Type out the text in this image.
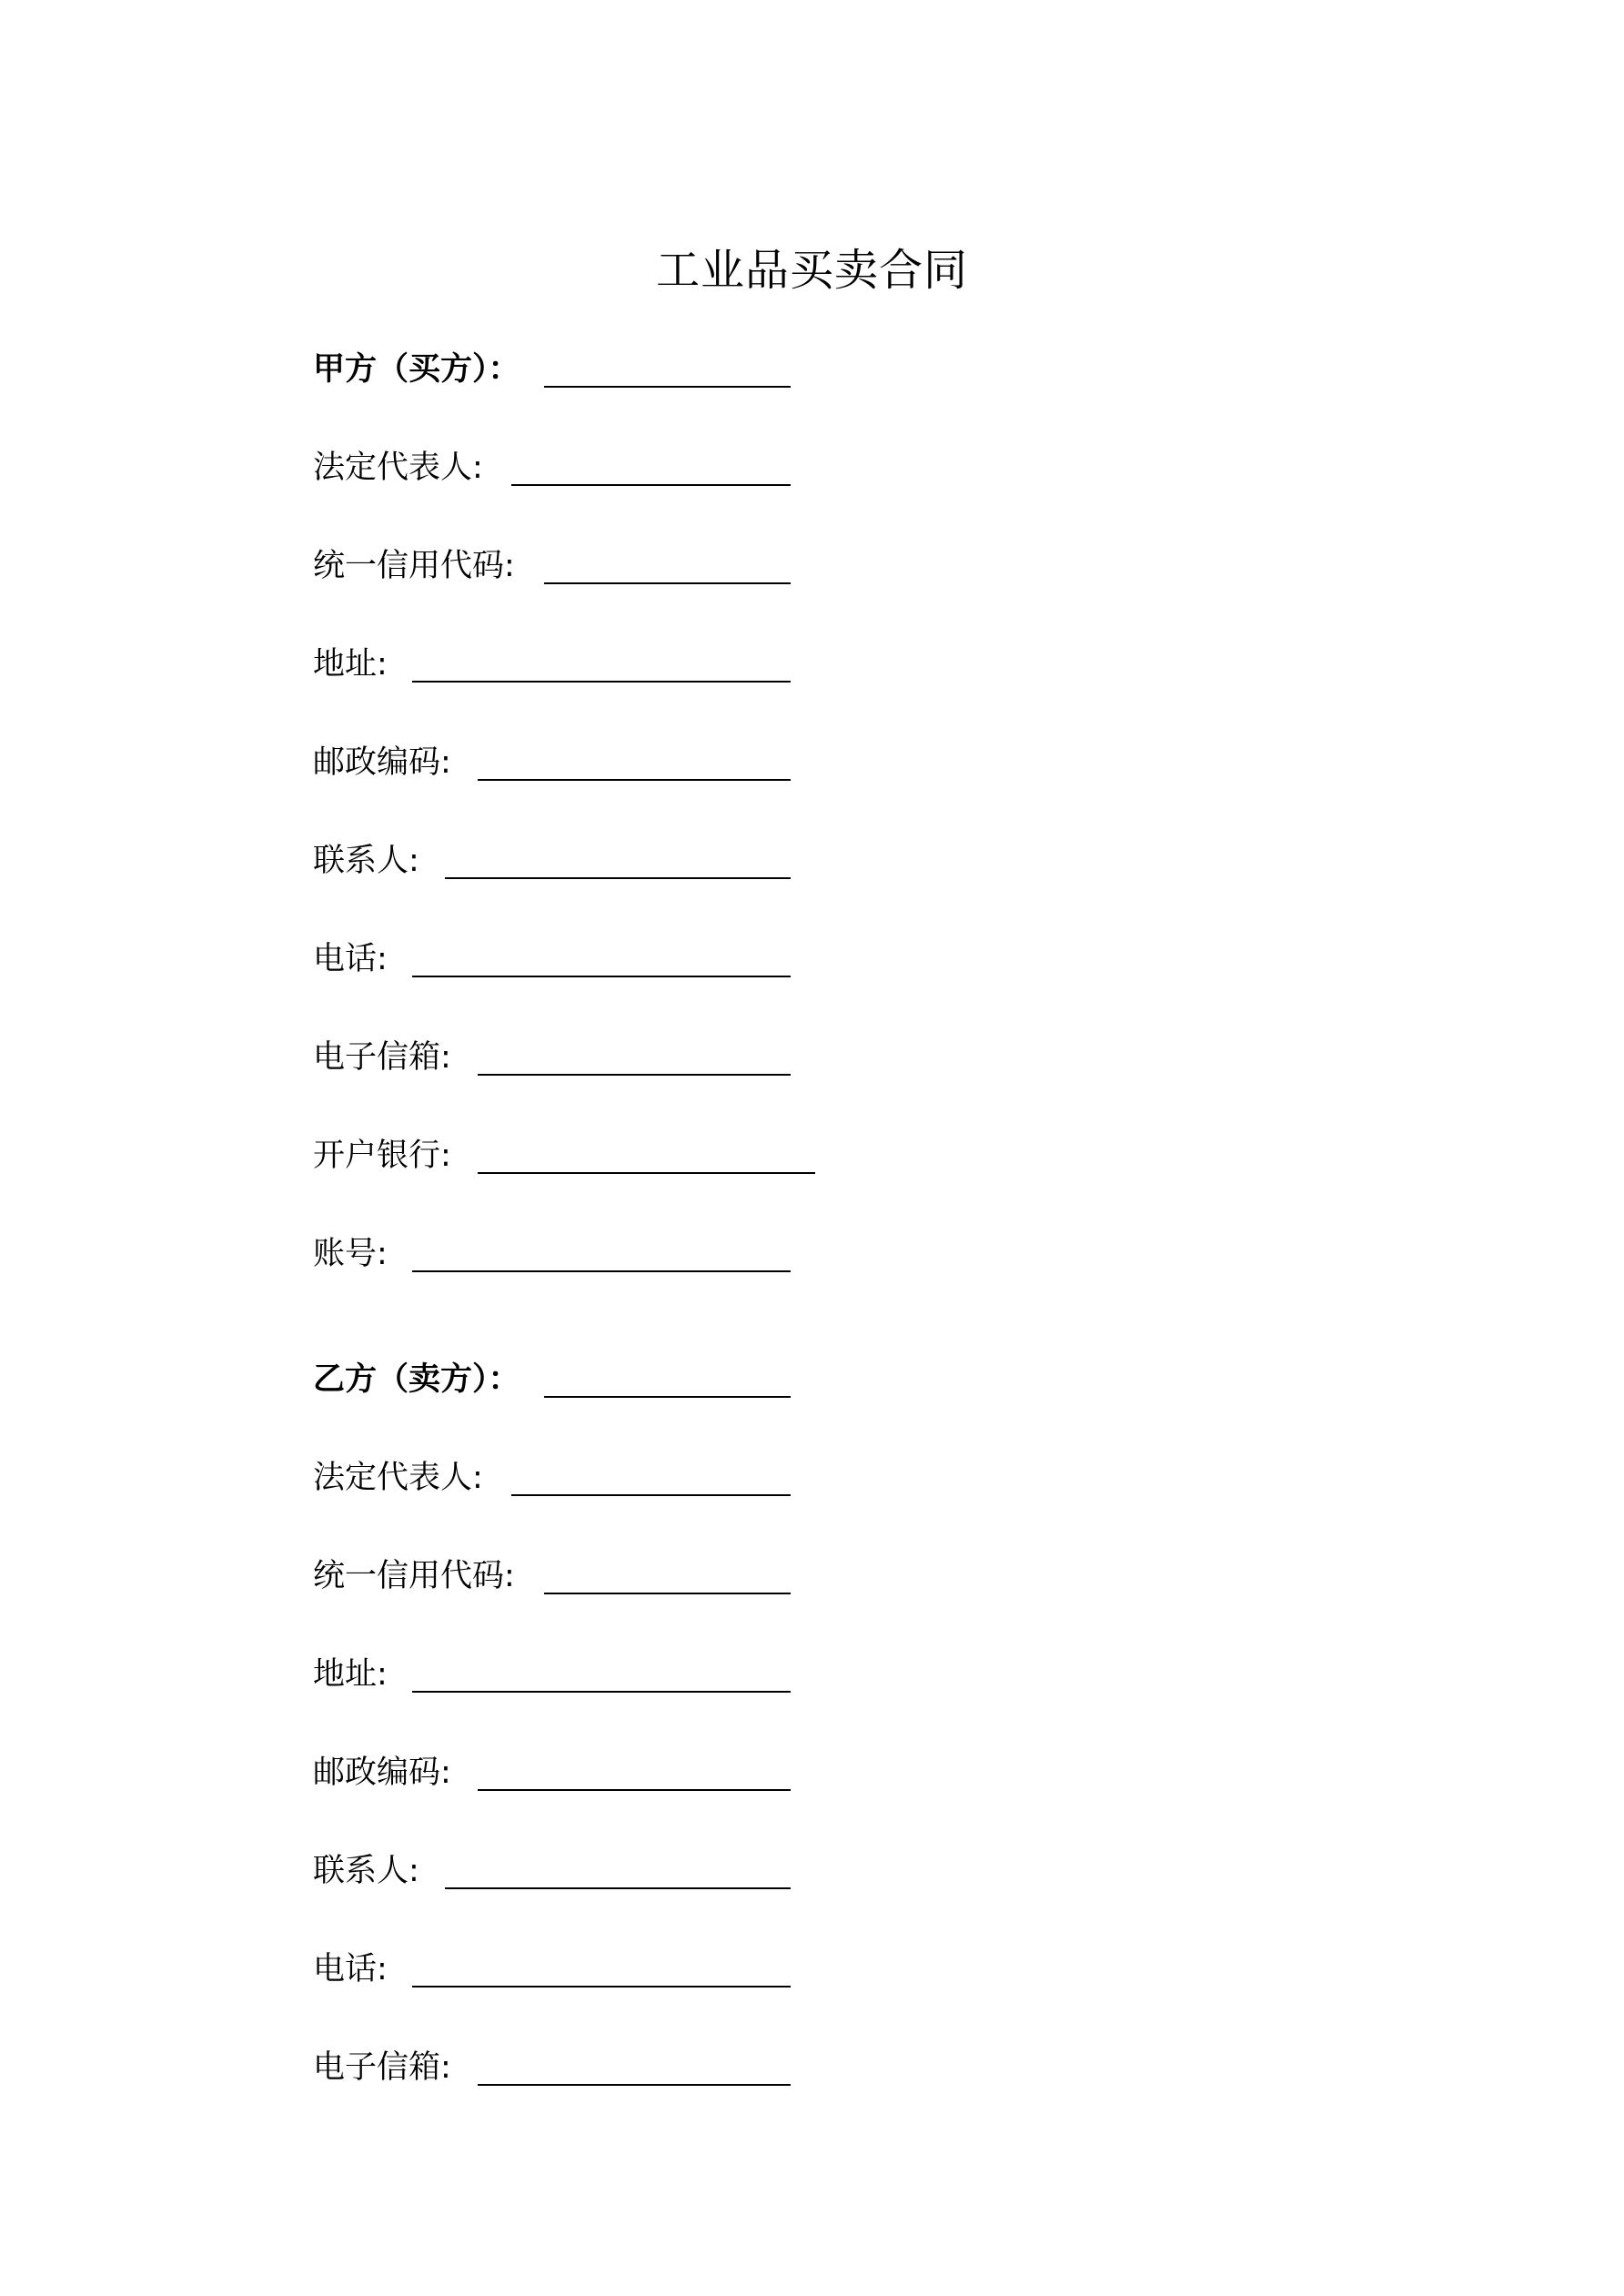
工业品买卖合同
甲方（买方）：
法定代表人:
统一信用代码:
地址:
邮政编码:
联系人:
电话:
电子信箱:
开户银行:
账号:
乙方（卖方）：
法定代表人:
统一信用代码:
地址:
邮政编码:
联系人:
电话:
电子信箱:
